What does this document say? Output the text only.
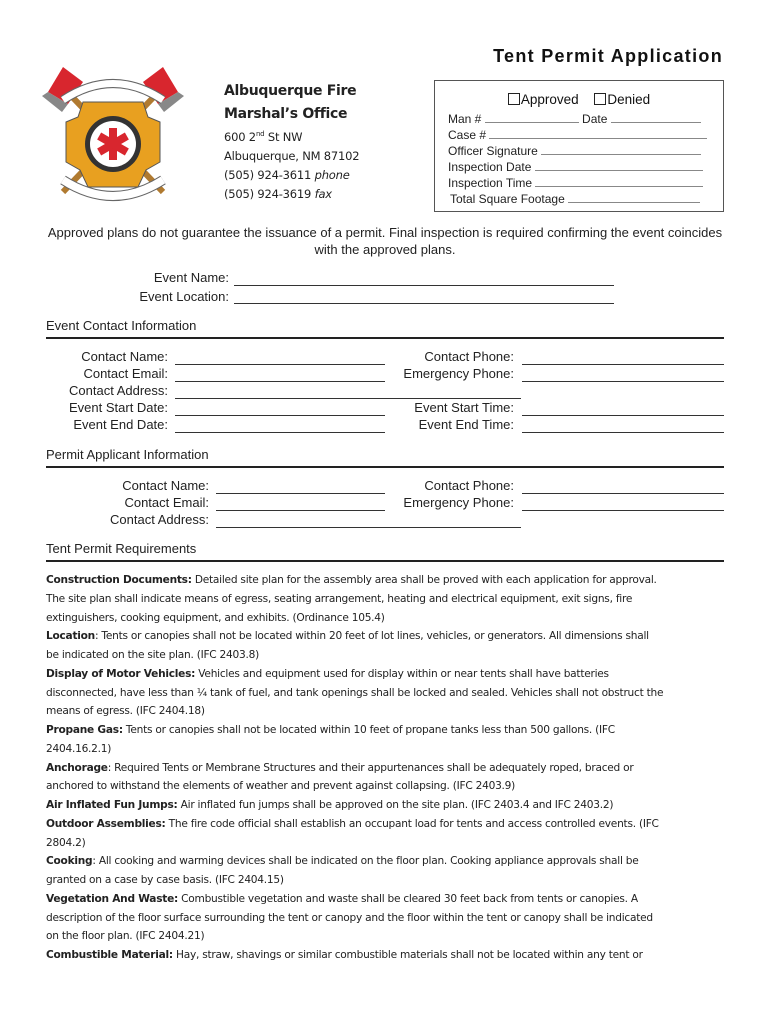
Tent Permit Application
Albuquerque Fire
Marshal’s Office
600 2nd St NW
Albuquerque, NM 87102
(505) 924-3611 phone
(505) 924-3619 fax
Approved Denied
Man #	Date
Case #
Officer Signature
Inspection Date
Inspection Time
Total Square Footage
Approved plans do not guarantee the issuance of a permit. Final inspection is required confirming the event coincides with the approved plans.
Event Name:
Event Location:
Event Contact Information
Contact Name:
Contact Email:
Contact Address:
Event Start Date:
Event End Date:
Contact Phone:
Emergency Phone:
Event Start Time:
Event End Time:
Permit Applicant Information
Contact Name:
Contact Email:
Contact Address:
Contact Phone:
Emergency Phone:
Tent Permit Requirements
Construction Documents: Detailed site plan for the assembly area shall be proved with each application for approval.
The site plan shall indicate means of egress, seating arrangement, heating and electrical equipment, exit signs, fire
extinguishers, cooking equipment, and exhibits. (Ordinance 105.4)
Location: Tents or canopies shall not be located within 20 feet of lot lines, vehicles, or generators. All dimensions shall
be indicated on the site plan. (IFC 2403.8)
Display of Motor Vehicles: Vehicles and equipment used for display within or near tents shall have batteries
disconnected, have less than ¼ tank of fuel, and tank openings shall be locked and sealed. Vehicles shall not obstruct the
means of egress. (IFC 2404.18)
Propane Gas: Tents or canopies shall not be located within 10 feet of propane tanks less than 500 gallons. (IFC
2404.16.2.1)
Anchorage: Required Tents or Membrane Structures and their appurtenances shall be adequately roped, braced or
anchored to withstand the elements of weather and prevent against collapsing. (IFC 2403.9)
Air Inflated Fun Jumps: Air inflated fun jumps shall be approved on the site plan. (IFC 2403.4 and IFC 2403.2)
Outdoor Assemblies: The fire code official shall establish an occupant load for tents and access controlled events. (IFC
2804.2)
Cooking: All cooking and warming devices shall be indicated on the floor plan. Cooking appliance approvals shall be
granted on a case by case basis. (IFC 2404.15)
Vegetation And Waste: Combustible vegetation and waste shall be cleared 30 feet back from tents or canopies. A
description of the floor surface surrounding the tent or canopy and the floor within the tent or canopy shall be indicated
on the floor plan. (IFC 2404.21)
Combustible Material: Hay, straw, shavings or similar combustible materials shall not be located within any tent or
